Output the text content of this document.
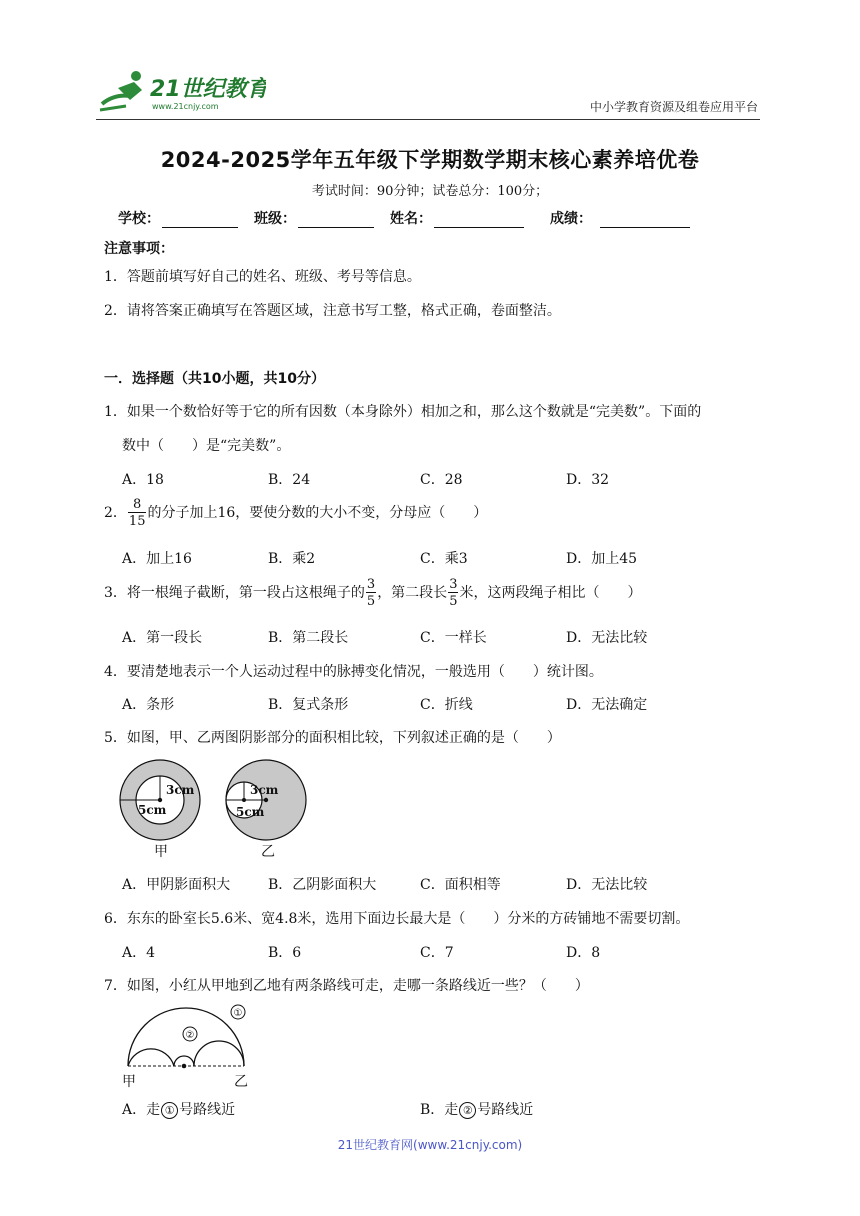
21世纪教育
www.21cnjy.com	中小学教育资源及组卷应用平台
2024-2025学年五年级下学期数学期末核心素养培优卷
考试时间：90分钟；试卷总分：100分；
学校：	班级：	姓名：	成绩：
注意事项：
1．答题前填写好自己的姓名、班级、考号等信息。
2．请将答案正确填写在答题区域，注意书写工整，格式正确，卷面整洁。
一．选择题（共10小题，共10分）
1．如果一个数恰好等于它的所有因数（本身除外）相加之和，那么这个数就是“完美数”。下面的
数中（　　）是“完美数”。
A．18	B．24	C．28	D．32
2． $\frac{8}{15}$ 的分子加上16，要使分数的大小不变，分母应（　　）
A．加上16	B．乘2	C．乘3	D．加上45
3．将一根绳子截断，第一段占这根绳子的 $\frac{3}{5}$ ，第二段长 $\frac{3}{5}$ 米，这两段绳子相比（　　）
A．第一段长	B．第二段长	C．一样长	D．无法比较
4．要清楚地表示一个人运动过程中的脉搏变化情况，一般选用（　　）统计图。
A．条形	B．复式条形	C．折线	D．无法确定
5．如图，甲、乙两图阴影部分的面积相比较，下列叙述正确的是（　　）
3cm
5cm
甲
3cm
5cm
乙
A．甲阴影面积大	B．乙阴影面积大	C．面积相等	D．无法比较
6．东东的卧室长5.6米、宽4.8米，选用下面边长最大是（　　）分米的方砖铺地不需要切割。
A．4	B．6	C．7	D．8
7．如图，小红从甲地到乙地有两条路线可走，走哪一条路线近一些？（　　）
①
②
甲	乙
A．走 ① 号路线近	B．走 ② 号路线近
21世纪教育网(www.21cnjy.com)
